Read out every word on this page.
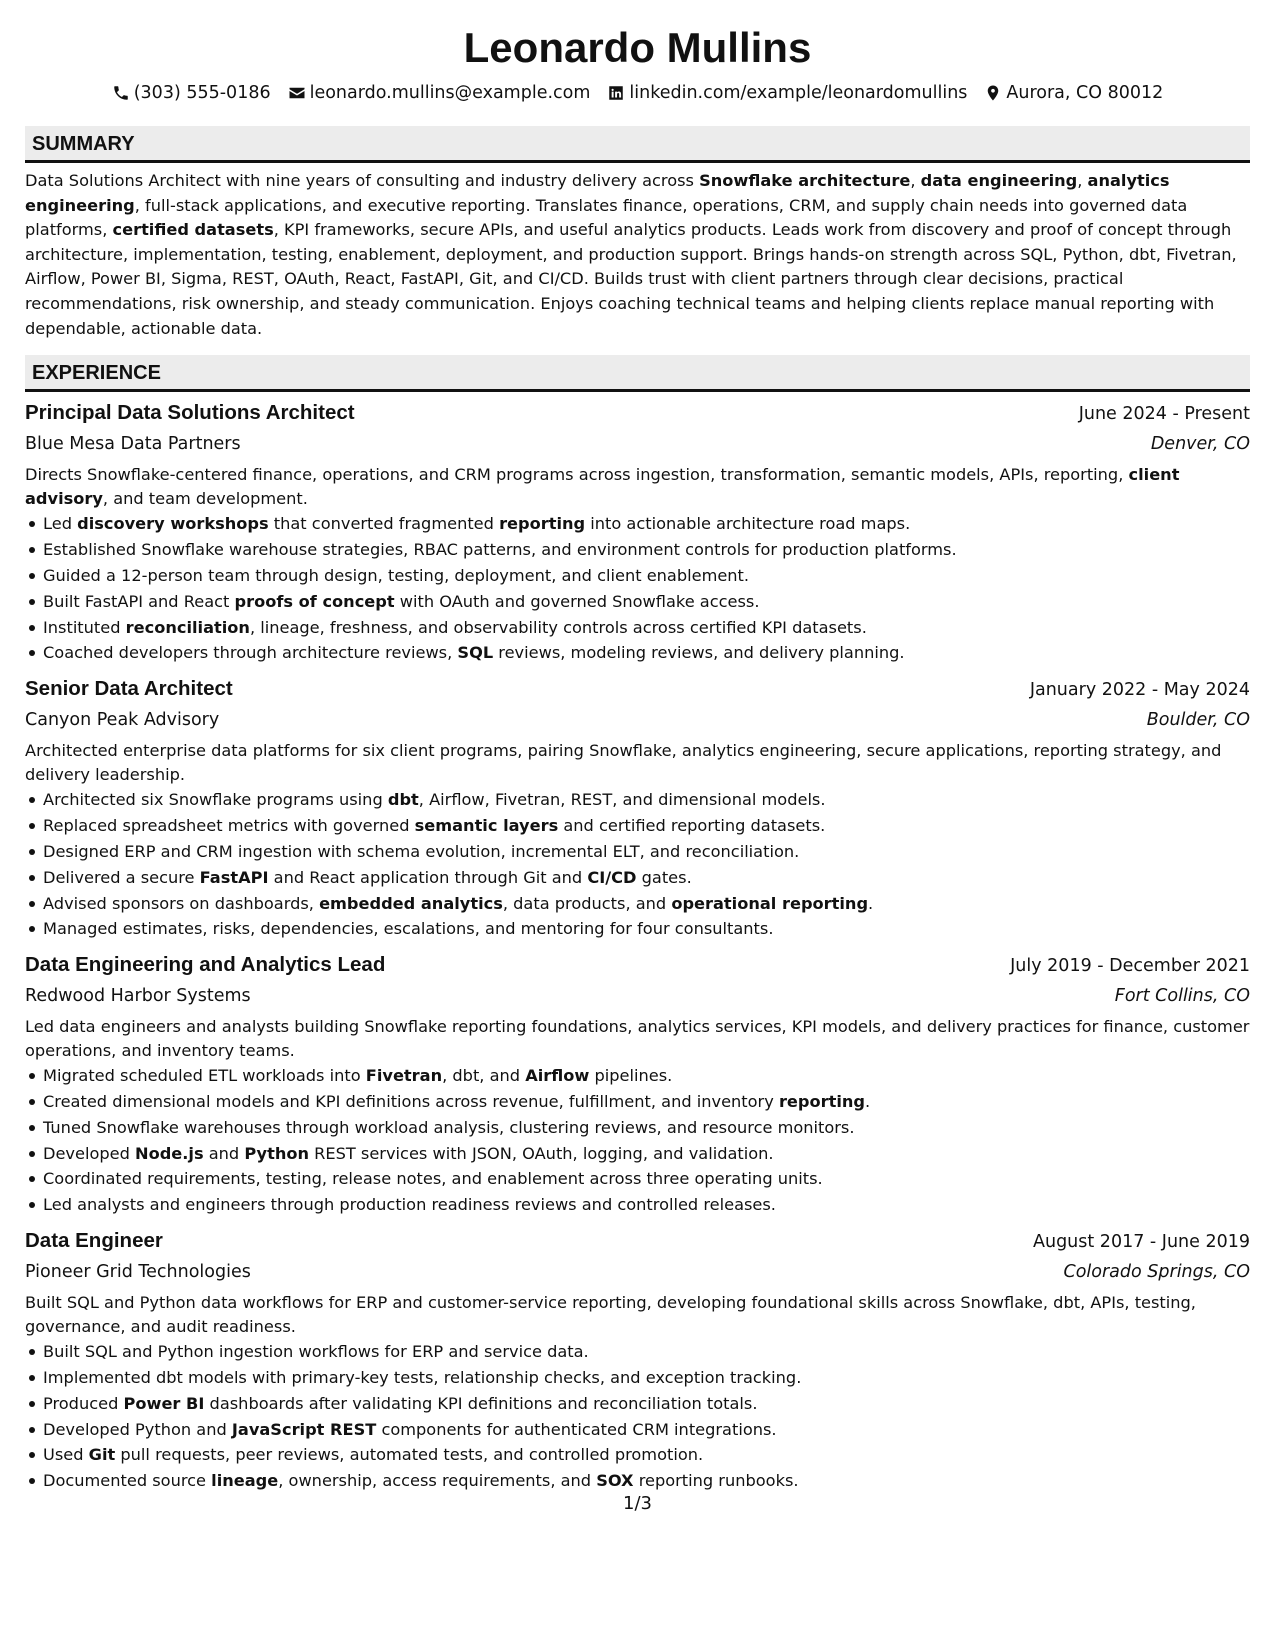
Leonardo Mullins
(303) 555-0186 leonardo.mullins@example.com linkedin.com/example/leonardomullins Aurora, CO 80012
SUMMARY

Data Solutions Architect with nine years of consulting and industry delivery across Snowflake architecture, data engineering, analytics engineering, full-stack applications, and executive reporting. Translates finance, operations, CRM, and supply chain needs into governed data platforms, certified datasets, KPI frameworks, secure APIs, and useful analytics products. Leads work from discovery and proof of concept through architecture, implementation, testing, enablement, deployment, and production support. Brings hands-on strength across SQL, Python, dbt, Fivetran, Airflow, Power BI, Sigma, REST, OAuth, React, FastAPI, Git, and CI/CD. Builds trust with client partners through clear decisions, practical recommendations, risk ownership, and steady communication. Enjoys coaching technical teams and helping clients replace manual reporting with dependable, actionable data.

EXPERIENCE
Principal Data Solutions Architect	June 2024 - Present
Blue Mesa Data Partners	Denver, CO

Directs Snowflake-centered finance, operations, and CRM programs across ingestion, transformation, semantic models, APIs, reporting, client advisory, and team development.

Led discovery workshops that converted fragmented reporting into actionable architecture road maps.
Established Snowflake warehouse strategies, RBAC patterns, and environment controls for production platforms.
Guided a 12-person team through design, testing, deployment, and client enablement.
Built FastAPI and React proofs of concept with OAuth and governed Snowflake access.
Instituted reconciliation, lineage, freshness, and observability controls across certified KPI datasets.
Coached developers through architecture reviews, SQL reviews, modeling reviews, and delivery planning.
Senior Data Architect	January 2022 - May 2024
Canyon Peak Advisory	Boulder, CO

Architected enterprise data platforms for six client programs, pairing Snowflake, analytics engineering, secure applications, reporting strategy, and delivery leadership.

Architected six Snowflake programs using dbt, Airflow, Fivetran, REST, and dimensional models.
Replaced spreadsheet metrics with governed semantic layers and certified reporting datasets.
Designed ERP and CRM ingestion with schema evolution, incremental ELT, and reconciliation.
Delivered a secure FastAPI and React application through Git and CI/CD gates.
Advised sponsors on dashboards, embedded analytics, data products, and operational reporting.
Managed estimates, risks, dependencies, escalations, and mentoring for four consultants.
Data Engineering and Analytics Lead	July 2019 - December 2021
Redwood Harbor Systems	Fort Collins, CO

Led data engineers and analysts building Snowflake reporting foundations, analytics services, KPI models, and delivery practices for finance, customer operations, and inventory teams.

Migrated scheduled ETL workloads into Fivetran, dbt, and Airflow pipelines.
Created dimensional models and KPI definitions across revenue, fulfillment, and inventory reporting.
Tuned Snowflake warehouses through workload analysis, clustering reviews, and resource monitors.
Developed Node.js and Python REST services with JSON, OAuth, logging, and validation.
Coordinated requirements, testing, release notes, and enablement across three operating units.
Led analysts and engineers through production readiness reviews and controlled releases.
Data Engineer	August 2017 - June 2019
Pioneer Grid Technologies	Colorado Springs, CO

Built SQL and Python data workflows for ERP and customer-service reporting, developing foundational skills across Snowflake, dbt, APIs, testing, governance, and audit readiness.

Built SQL and Python ingestion workflows for ERP and service data.
Implemented dbt models with primary-key tests, relationship checks, and exception tracking.
Produced Power BI dashboards after validating KPI definitions and reconciliation totals.
Developed Python and JavaScript REST components for authenticated CRM integrations.
Used Git pull requests, peer reviews, automated tests, and controlled promotion.
Documented source lineage, ownership, access requirements, and SOX reporting runbooks.
1/3
